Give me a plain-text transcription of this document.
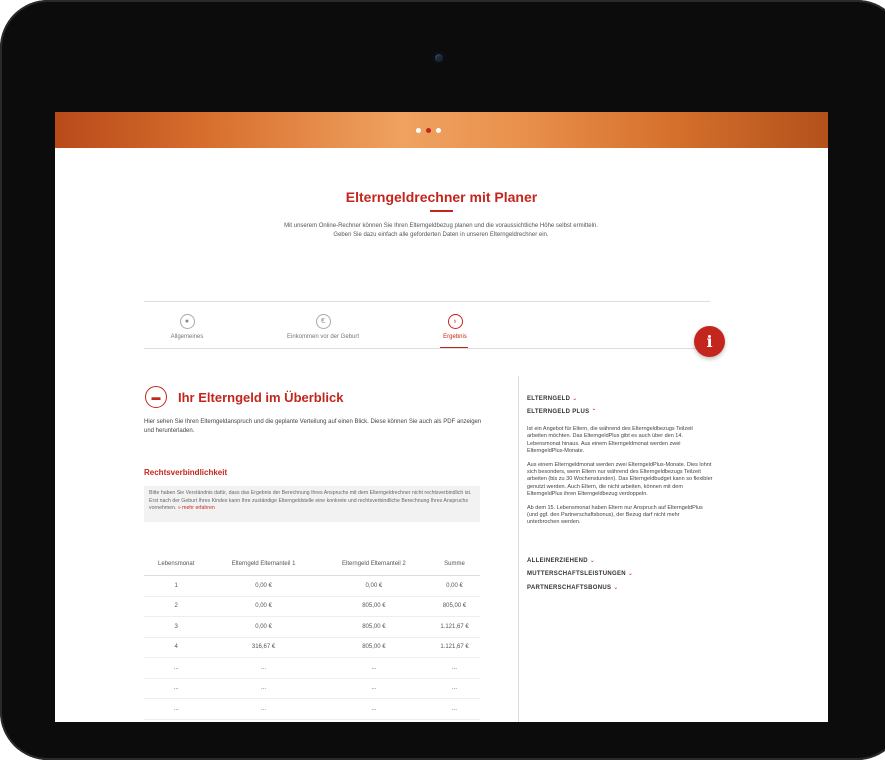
Elterngeldrechner mit Planer
Mit unserem Online-Rechner können Sie Ihren Elterngeldbezug planen und die voraussichtliche Höhe selbst ermitteln. Geben Sie dazu einfach alle geforderten Daten in unseren Elterngeldrechner ein.
●
Allgemeines
€
Einkommen vor der Geburt
♁
Ergebnis	i
▬	Ihr Elterngeld im Überblick
Hier sehen Sie Ihren Elterngeldanspruch und die geplante Verteilung auf einen Blick. Diese können Sie auch als PDF anzeigen und herunterladen.
Rechtsverbindlichkeit
Bitte haben Sie Verständnis dafür, dass das Ergebnis der Berechnung Ihres Anspruchs mit dem Elterngeldrechner nicht rechtsverbindlich ist. Erst nach der Geburt Ihres Kindes kann Ihre zuständige Elterngeldstelle eine konkrete und rechtsverbindliche Berechnung Ihres Anspruchs vornehmen. » mehr erfahren
Lebensmonat	Elterngeld Elternanteil 1	Elterngeld Elternanteil 2	Summe
1	0,00 €	0,00 €	0,00 €
2	0,00 €	805,00 €	805,00 €
3	0,00 €	805,00 €	1.121,67 €
4	316,67 €	805,00 €	1.121,67 €
...	...	...	...
...	...	...	...
...	...	...	...
ELTERNGELD ⌄
ELTERNGELD PLUS ⌃

Ist ein Angebot für Eltern, die während des Elterngeldbezugs Teilzeit arbeiten möchten. Das ElterngeldPlus gibt es auch über den 14. Lebensmonat hinaus. Aus einem Elterngeldmonat werden zwei ElterngeldPlus-Monate.

Aus einem Elterngeldmonat werden zwei ElterngeldPlus-Monate. Dies lohnt sich besonders, wenn Eltern nur während des Elterngeldbezugs Teilzeit arbeiten (bis zu 30 Wochenstunden). Das Elterngeldbudget kann so flexibler genutzt werden. Auch Eltern, die nicht arbeiten, können mit dem ElterngeldPlus ihren Elterngeldbezug verdoppeln.

Ab dem 15. Lebensmonat haben Eltern nur Anspruch auf ElterngeldPlus (und ggf. den Partnerschaftsbonus), der Bezug darf nicht mehr unterbrochen werden.

ALLEINERZIEHEND ⌄
MUTTERSCHAFTSLEISTUNGEN ⌄
PARTNERSCHAFTSBONUS ⌄
